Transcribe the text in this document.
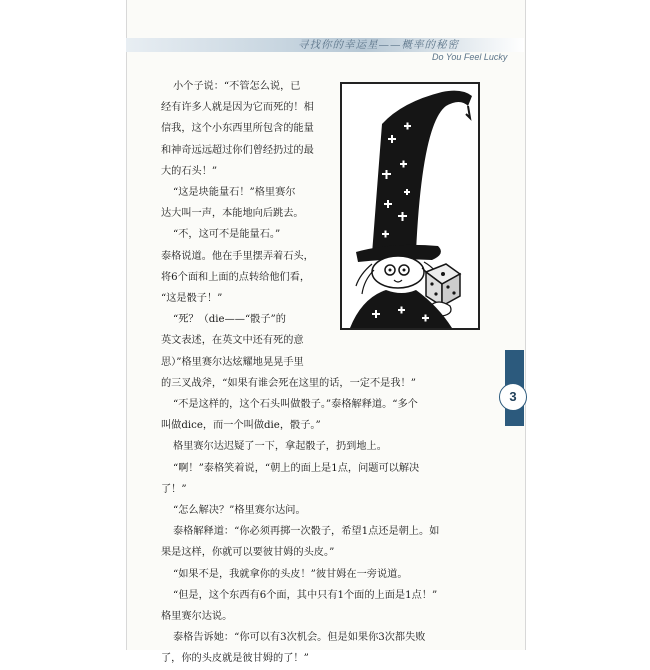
寻找你的幸运星——概率的秘密
Do You Feel Lucky
3
小个子说：“不管怎么说，已
经有许多人就是因为它而死的！相
信我，这个小东西里所包含的能量
和神奇远远超过你们曾经扔过的最
大的石头！”
“这是块能量石！”格里赛尔
达大叫一声，本能地向后跳去。
“不，这可不是能量石。”
泰格说道。他在手里摆弄着石头，
将6个面和上面的点转给他们看，
“这是骰子！”
“死？（die——“骰子”的
英文表述，在英文中还有死的意
思）”格里赛尔达炫耀地晃晃手里
的三叉战斧，“如果有谁会死在这里的话，一定不是我！”
“不是这样的，这个石头叫做骰子。”泰格解释道。“多个
叫做dice，而一个叫做die，骰子。”
格里赛尔达迟疑了一下，拿起骰子，扔到地上。
“啊！”泰格笑着说，“朝上的面上是1点，问题可以解决
了！”
“怎么解决？”格里赛尔达问。
泰格解释道：“你必须再掷一次骰子，希望1点还是朝上。如
果是这样，你就可以要彼甘姆的头皮。”
“如果不是，我就拿你的头皮！”彼甘姆在一旁说道。
“但是，这个东西有6个面，其中只有1个面的上面是1点！”
格里赛尔达说。
泰格告诉她：“你可以有3次机会。但是如果你3次都失败
了，你的头皮就是彼甘姆的了！”
